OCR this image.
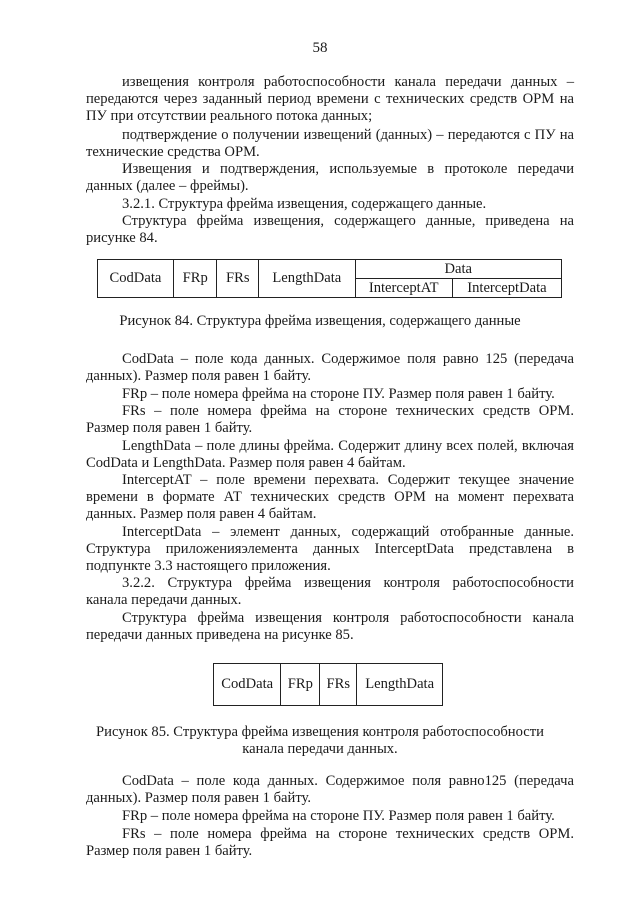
58

извещения контроля работоспособности канала передачи данных – передаются через заданный период времени с технических средств ОРМ на ПУ при отсутствии реального потока данных;

подтверждение о получении извещений (данных) – передаются с ПУ на технические средства ОРМ.

Извещения и подтверждения, используемые в протоколе передачи данных (далее – фреймы).

3.2.1. Структура фрейма извещения, содержащего данные.

Структура фрейма извещения, содержащего данные, приведена на рисунке 84.

CodData	FRp	FRs	LengthData	Data	
				InterceptAT	InterceptData
Рисунок 84. Структура фрейма извещения, содержащего данные

CodData – поле кода данных. Содержимое поля равно 125 (передача данных). Размер поля равен 1 байту.

FRp – поле номера фрейма на стороне ПУ. Размер поля равен 1 байту.

FRs – поле номера фрейма на стороне технических средств ОРМ. Размер поля равен 1 байту.

LengthData – поле длины фрейма. Содержит длину всех полей, включая CodData и LengthData. Размер поля равен 4 байтам.

InterceptAT – поле времени перехвата. Содержит текущее значение времени в формате АТ технических средств ОРМ на момент перехвата данных. Размер поля равен 4 байтам.

InterceptData – элемент данных, содержащий отобранные данные. Структура приложенияэлемента данных InterceptData представлена в подпункте 3.3 настоящего приложения.

3.2.2. Структура фрейма извещения контроля работоспособности канала передачи данных.

Структура фрейма извещения контроля работоспособности канала передачи данных приведена на рисунке 85.

CodData	FRp	FRs	LengthData
Рисунок 85. Структура фрейма извещения контроля работоспособности
канала передачи данных.

CodData – поле кода данных. Содержимое поля равно125 (передача данных). Размер поля равен 1 байту.

FRp – поле номера фрейма на стороне ПУ. Размер поля равен 1 байту.

FRs – поле номера фрейма на стороне технических средств ОРМ. Размер поля равен 1 байту.
